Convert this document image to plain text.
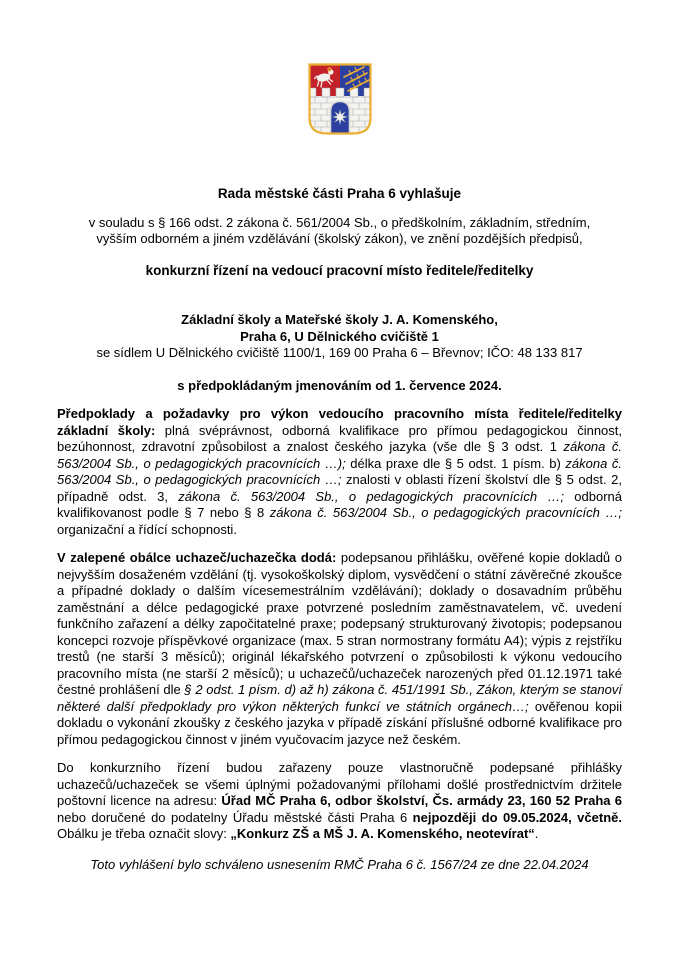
Rada městské části Praha 6 vyhlašuje
v souladu s § 166 odst. 2 zákona č. 561/2004 Sb., o předškolním, základním, středním,
vyšším odborném a jiném vzdělávání (školský zákon), ve znění pozdějších předpisů,
konkurzní řízení na vedoucí pracovní místo ředitele/ředitelky
Základní školy a Mateřské školy J. A. Komenského,
Praha 6, U Dělnického cvičiště 1
se sídlem U Dělnického cvičiště 1100/1, 169 00 Praha 6 – Břevnov; IČO: 48 133 817
s předpokládaným jmenováním od 1. července 2024.

Předpoklady a požadavky pro výkon vedoucího pracovního místa ředitele/ředitelky základní školy: plná svéprávnost, odborná kvalifikace pro přímou pedagogickou činnost, bezúhonnost, zdravotní způsobilost a znalost českého jazyka (vše dle § 3 odst. 1 zákona č. 563/2004 Sb., o pedagogických pracovnících …); délka praxe dle § 5 odst. 1 písm. b) zákona č. 563/2004 Sb., o pedagogických pracovnících …; znalosti v oblasti řízení školství dle § 5 odst. 2, případně odst. 3, zákona č. 563/2004 Sb., o pedagogických pracovnících …; odborná kvalifikovanost podle § 7 nebo § 8 zákona č. 563/2004 Sb., o pedagogických pracovnících …; organizační a řídící schopnosti.

V zalepené obálce uchazeč/uchazečka dodá: podepsanou přihlášku, ověřené kopie dokladů o nejvyšším dosaženém vzdělání (tj. vysokoškolský diplom, vysvědčení o státní závěrečné zkoušce a případné doklady o dalším vícesemestrálním vzdělávání); doklady o dosavadním průběhu zaměstnání a délce pedagogické praxe potvrzené posledním zaměstnavatelem, vč. uvedení funkčního zařazení a délky započitatelné praxe; podepsaný strukturovaný životopis; podepsanou koncepci rozvoje příspěvkové organizace (max. 5 stran normostrany formátu A4); výpis z rejstříku trestů (ne starší 3 měsíců); originál lékařského potvrzení o způsobilosti k výkonu vedoucího pracovního místa (ne starší 2 měsíců); u uchazečů/uchazeček narozených před 01.12.1971 také čestné prohlášení dle § 2 odst. 1 písm. d) až h) zákona č. 451/1991 Sb., Zákon, kterým se stanoví některé další předpoklady pro výkon některých funkcí ve státních orgánech…; ověřenou kopii dokladu o vykonání zkoušky z českého jazyka v případě získání příslušné odborné kvalifikace pro přímou pedagogickou činnost v jiném vyučovacím jazyce než českém.

Do konkurzního řízení budou zařazeny pouze vlastnoručně podepsané přihlášky uchazečů/uchazeček se všemi úplnými požadovanými přílohami došlé prostřednictvím držitele poštovní licence na adresu: Úřad MČ Praha 6, odbor školství, Čs. armády 23, 160 52 Praha 6 nebo doručené do podatelny Úřadu městské části Praha 6 nejpozději do 09.05.2024, včetně. Obálku je třeba označit slovy: „Konkurz ZŠ a MŠ J. A. Komenského, neotevírat“.

Toto vyhlášení bylo schváleno usnesením RMČ Praha 6 č. 1567/24 ze dne 22.04.2024
